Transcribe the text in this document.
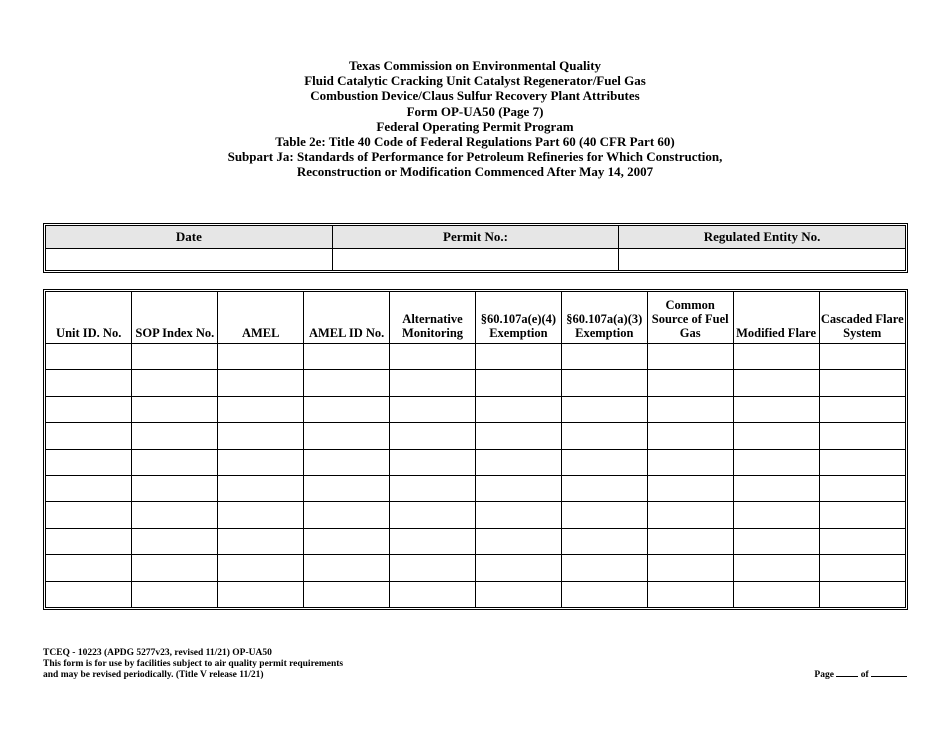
Texas Commission on Environmental Quality
Fluid Catalytic Cracking Unit Catalyst Regenerator/Fuel Gas
Combustion Device/Claus Sulfur Recovery Plant Attributes
Form OP-UA50 (Page 7)
Federal Operating Permit Program
Table 2e: Title 40 Code of Federal Regulations Part 60 (40 CFR Part 60)
Subpart Ja: Standards of Performance for Petroleum Refineries for Which Construction,
Reconstruction or Modification Commenced After May 14, 2007
Date	Permit No.:	Regulated Entity No.

Unit ID. No.	SOP Index No.	AMEL	AMEL ID No.	Alternative Monitoring	§60.107a(e)(4) Exemption	§60.107a(a)(3) Exemption	Common Source of Fuel Gas	Modified Flare	Cascaded Flare System

TCEQ - 10223 (APDG 5277v23, revised 11/21) OP-UA50
This form is for use by facilities subject to air quality permit requirements
and may be revised periodically. (Title V release 11/21)	Page	of
